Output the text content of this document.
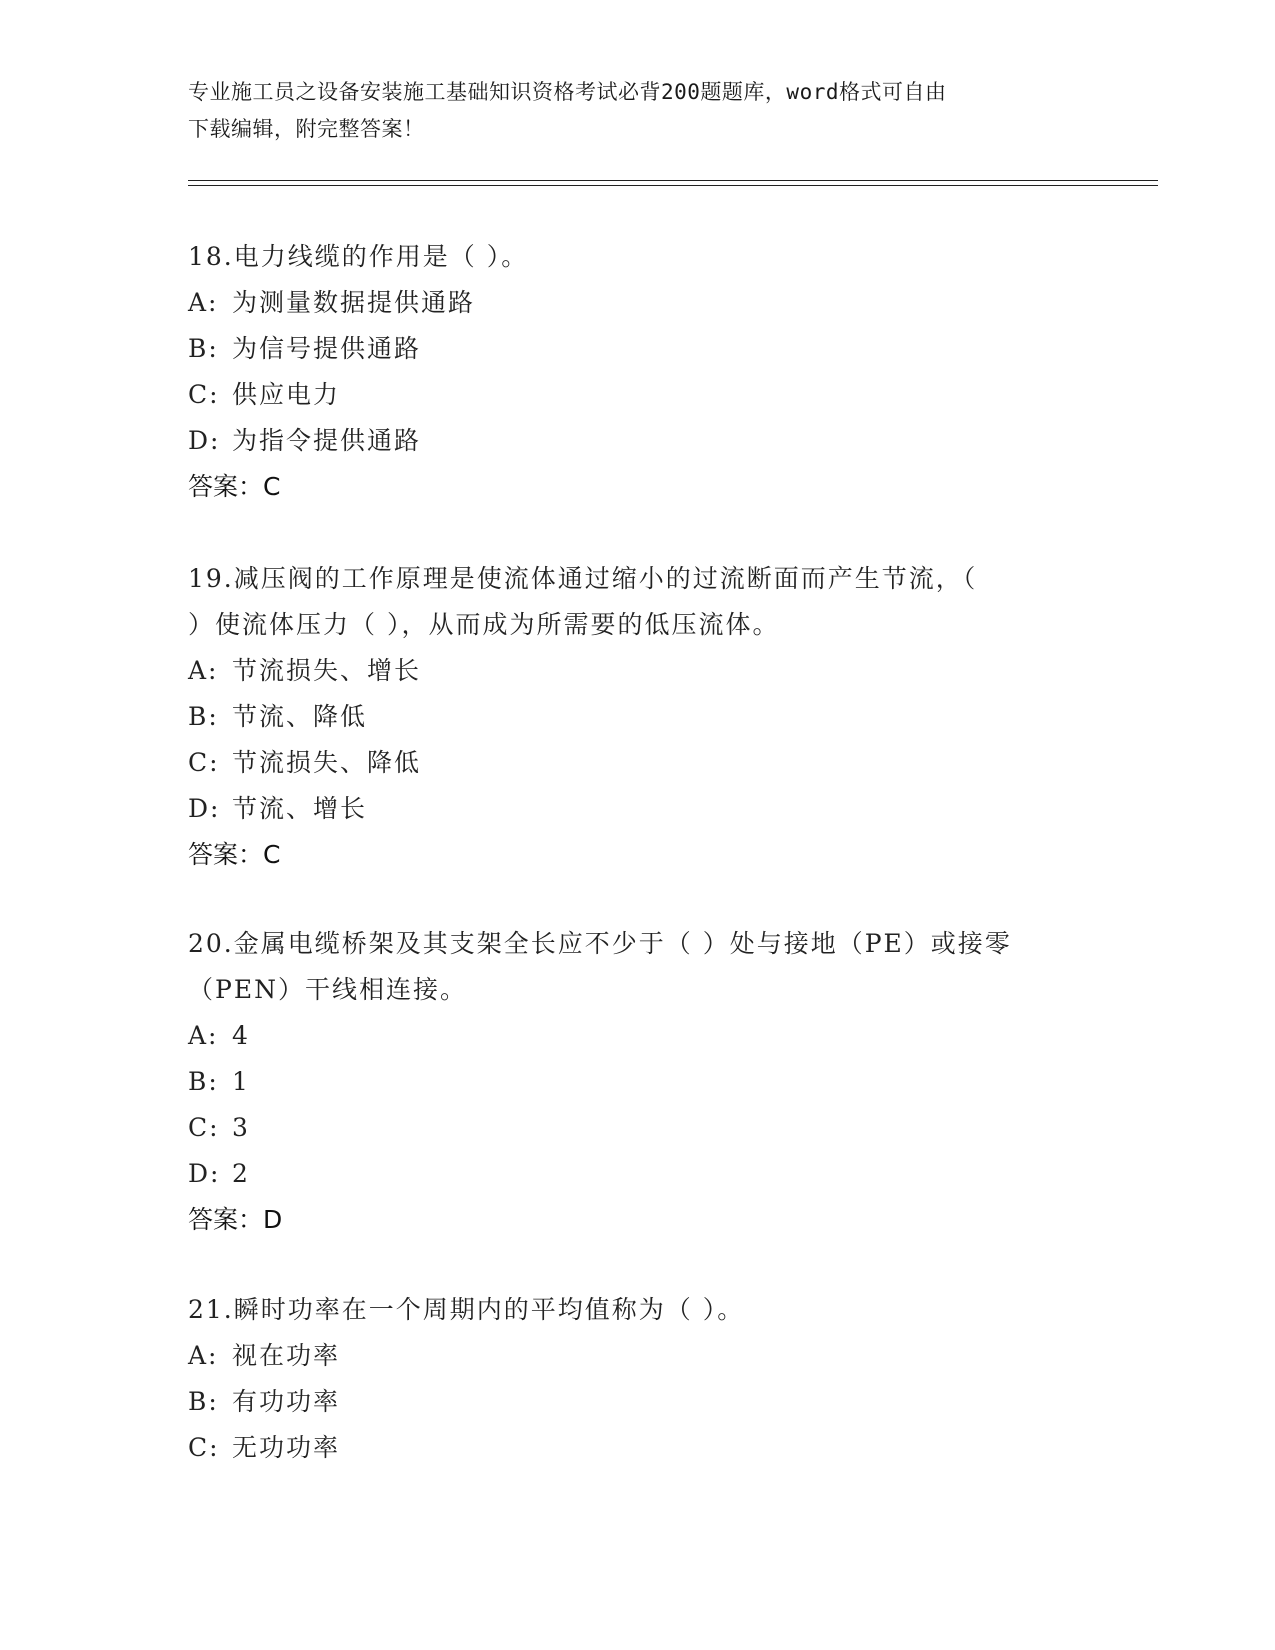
专业施工员之设备安装施工基础知识资格考试必背200题题库，word格式可自由
下载编辑，附完整答案！
18.电力线缆的作用是（ ）。
A: 为测量数据提供通路
B: 为信号提供通路
C: 供应电力
D: 为指令提供通路
答案：C
19.减压阀的工作原理是使流体通过缩小的过流断面而产生节流，（
）使流体压力（ ），从而成为所需要的低压流体。
A: 节流损失、增长
B: 节流、降低
C: 节流损失、降低
D: 节流、增长
答案：C
20.金属电缆桥架及其支架全长应不少于（ ）处与接地（PE）或接零
（PEN）干线相连接。
A: 4
B: 1
C: 3
D: 2
答案：D
21.瞬时功率在一个周期内的平均值称为（ ）。
A: 视在功率
B: 有功功率
C: 无功功率
